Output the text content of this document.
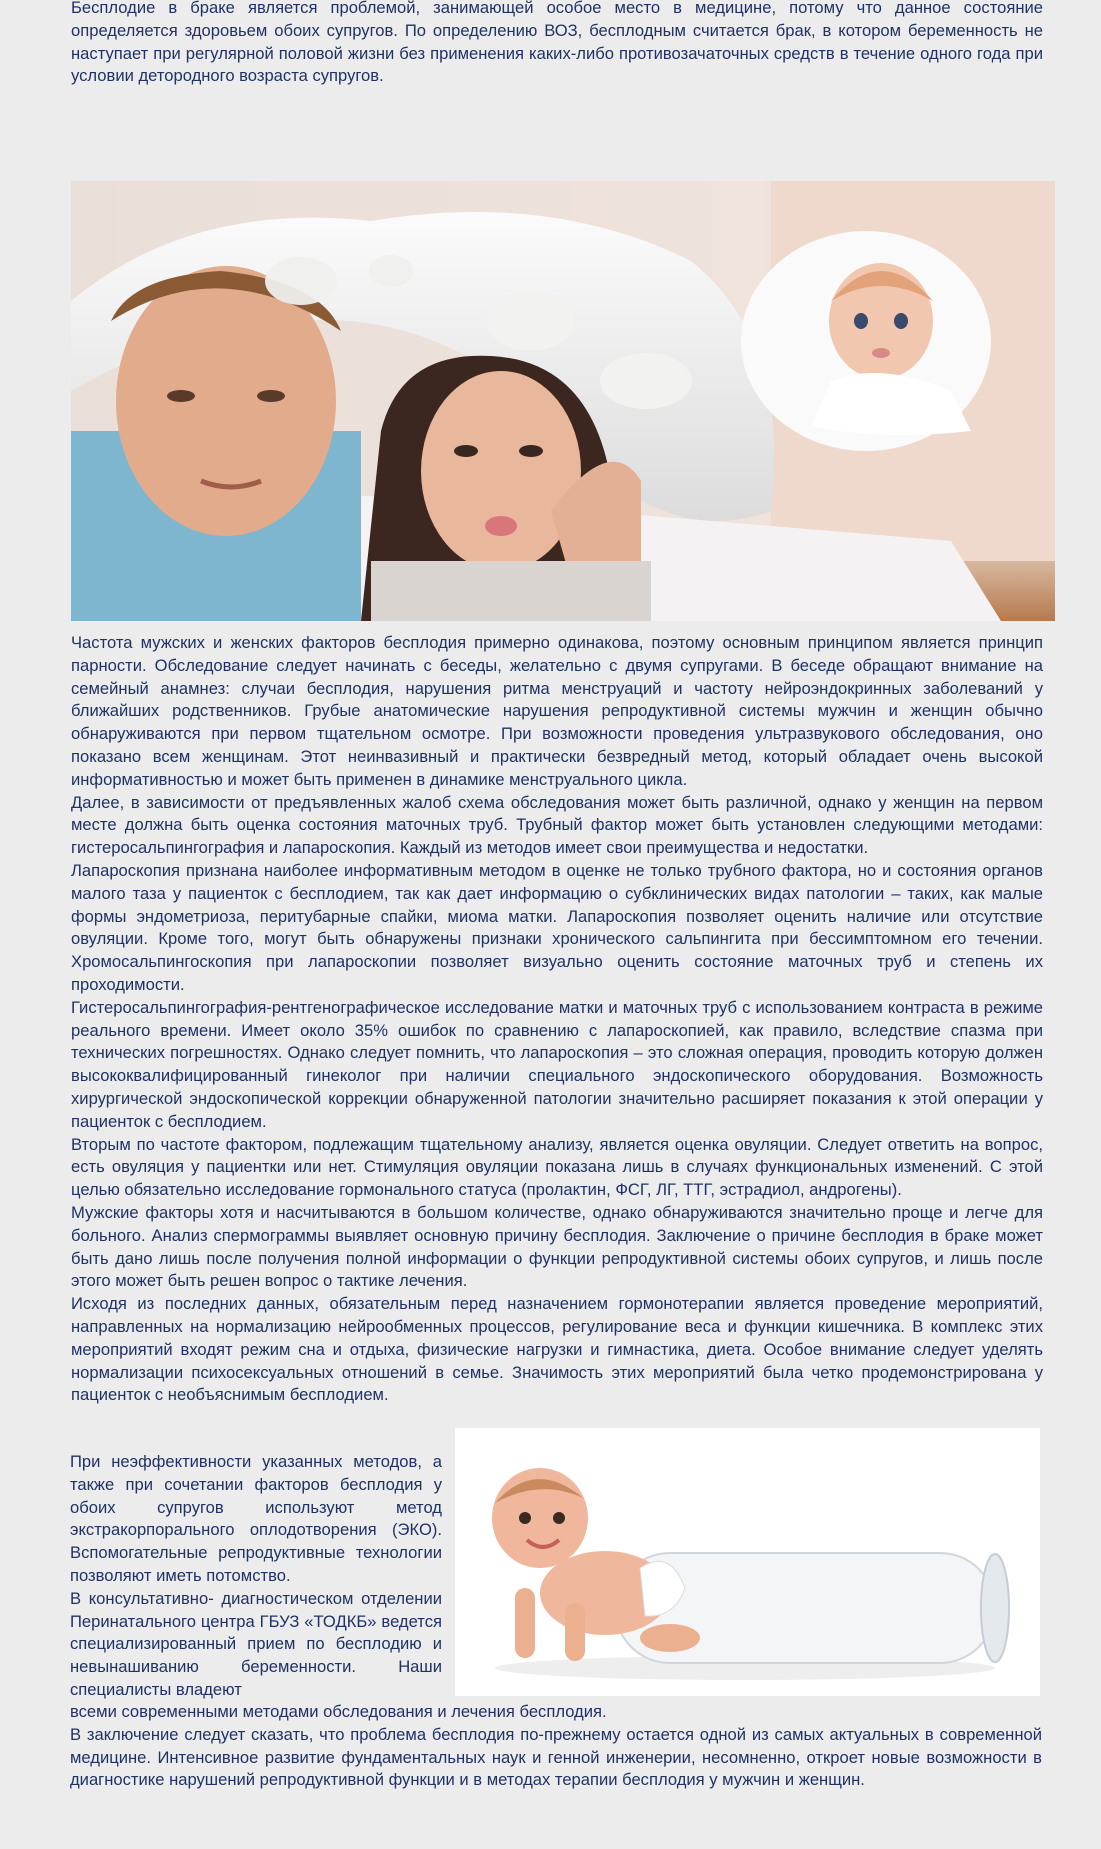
Бесплодие в браке является проблемой, занимающей особое место в медицине, потому что данное состояние определяется здоровьем обоих супругов. По определению ВОЗ, бесплодным считается брак, в котором беременность не наступает при регулярной половой жизни без применения каких-либо противозачаточных средств в течение одного года при условии детородного возраста супругов.

Частота мужских и женских факторов бесплодия примерно одинакова, поэтому основным принципом является принцип парности. Обследование следует начинать с беседы, желательно с двумя супругами. В беседе обращают внимание на семейный анамнез: случаи бесплодия, нарушения ритма менструаций и частоту нейроэндокринных заболеваний у ближайших родственников. Грубые анатомические нарушения репродуктивной системы мужчин и женщин обычно обнаруживаются при первом тщательном осмотре. При возможности проведения ультразвукового обследования, оно показано всем женщинам. Этот неинвазивный и практически безвредный метод, который обладает очень высокой информативностью и может быть применен в динамике менструального цикла.

Далее, в зависимости от предъявленных жалоб схема обследования может быть различной, однако у женщин на первом месте должна быть оценка состояния маточных труб. Трубный фактор может быть установлен следующими методами: гистеросальпингография и лапароскопия. Каждый из методов имеет свои преимущества и недостатки.

Лапароскопия признана наиболее информативным методом в оценке не только трубного фактора, но и состояния органов малого таза у пациенток с бесплодием, так как дает информацию о субклинических видах патологии – таких, как малые формы эндометриоза, перитубарные спайки, миома матки. Лапароскопия позволяет оценить наличие или отсутствие овуляции. Кроме того, могут быть обнаружены признаки хронического сальпингита при бессимптомном его течении. Хромосальпингоскопия при лапароскопии позволяет визуально оценить состояние маточных труб и степень их проходимости.

Гистеросальпингография-рентгенографическое исследование матки и маточных труб с использованием контраста в режиме реального времени. Имеет около 35% ошибок по сравнению с лапароскопией, как правило, вследствие спазма при технических погрешностях. Однако следует помнить, что лапароскопия – это сложная операция, проводить которую должен высококвалифицированный гинеколог при наличии специального эндоскопического оборудования. Возможность хирургической эндоскопической коррекции обнаруженной патологии значительно расширяет показания к этой операции у пациенток с бесплодием.

Вторым по частоте фактором, подлежащим тщательному анализу, является оценка овуляции. Следует ответить на вопрос, есть овуляция у пациентки или нет. Стимуляция овуляции показана лишь в случаях функциональных изменений. С этой целью обязательно исследование гормонального статуса (пролактин, ФСГ, ЛГ, ТТГ, эстрадиол, андрогены).

Мужские факторы хотя и насчитываются в большом количестве, однако обнаруживаются значительно проще и легче для больного. Анализ спермограммы выявляет основную причину бесплодия. Заключение о причине бесплодия в браке может быть дано лишь после получения полной информации о функции репродуктивной системы обоих супругов, и лишь после этого может быть решен вопрос о тактике лечения.

Исходя из последних данных, обязательным перед назначением гормонотерапии является проведение мероприятий, направленных на нормализацию нейрообменных процессов, регулирование веса и функции кишечника. В комплекс этих мероприятий входят режим сна и отдыха, физические нагрузки и гимнастика, диета. Особое внимание следует уделять нормализации психосексуальных отношений в семье. Значимость этих мероприятий была четко продемонстрирована у пациенток с необъяснимым бесплодием.

При неэффективности указанных методов, а также при сочетании факторов бесплодия у обоих супругов используют метод экстракорпорального оплодотворения (ЭКО). Вспомогательные репродуктивные технологии позволяют иметь потомство.

В консультативно- диагностическом отделении Перинатального центра ГБУЗ «ТОДКБ» ведется специализированный прием по бесплодию и невынашиванию беременности. Наши специалисты владеют

всеми современными методами обследования и лечения бесплодия.

В заключение следует сказать, что проблема бесплодия по-прежнему остается одной из самых актуальных в современной медицине. Интенсивное развитие фундаментальных наук и генной инженерии, несомненно, откроет новые возможности в диагностике нарушений репродуктивной функции и в методах терапии бесплодия у мужчин и женщин.
